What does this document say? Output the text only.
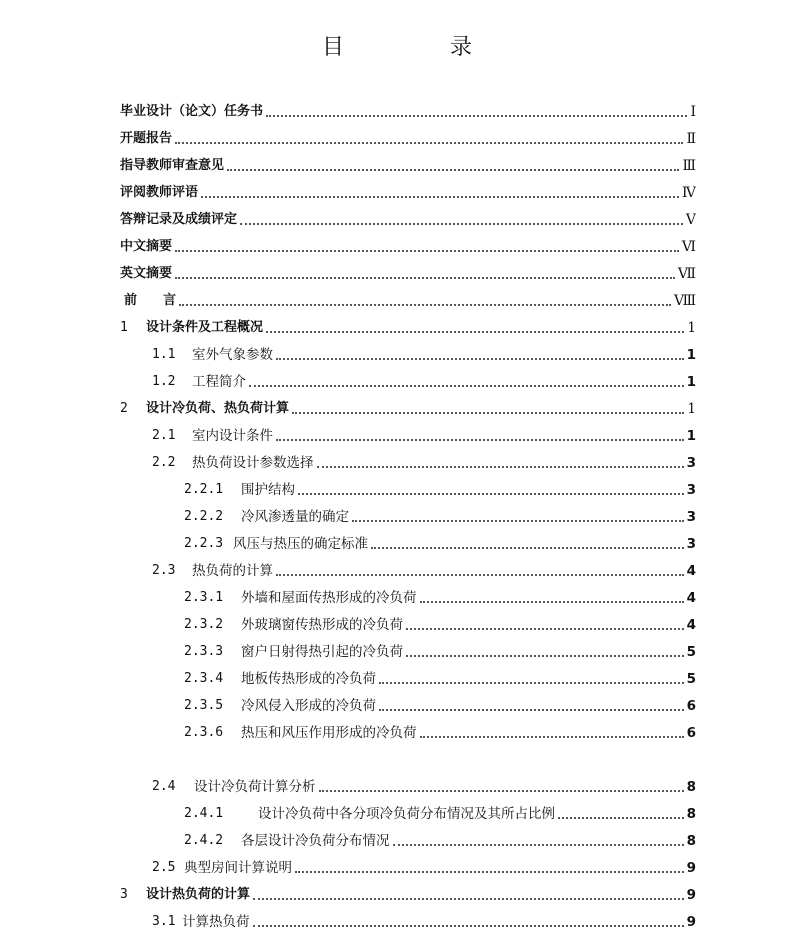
目　录
毕业设计（论文）任务书	Ⅰ
开题报告	Ⅱ
指导教师审查意见	Ⅲ
评阅教师评语	Ⅳ
答辩记录及成绩评定	Ⅴ
中文摘要	Ⅵ
英文摘要	Ⅶ
前　　言	Ⅷ
1	设计条件及工程概况	1
1.1	室外气象参数	1
1.2	工程简介	1
2	设计冷负荷、热负荷计算	1
2.1	室内设计条件	1
2.2	热负荷设计参数选择	3
2.2.1	围护结构	3
2.2.2	冷风渗透量的确定	3
2.2.3 风压与热压的确定标准	3
2.3	热负荷的计算	4
2.3.1	外墙和屋面传热形成的冷负荷	4
2.3.2	外玻璃窗传热形成的冷负荷	4
2.3.3	窗户日射得热引起的冷负荷	5
2.3.4	地板传热形成的冷负荷	5
2.3.5	冷风侵入形成的冷负荷	6
2.3.6	热压和风压作用形成的冷负荷	6
2.4	设计冷负荷计算分析	8
2.4.1	设计冷负荷中各分项冷负荷分布情况及其所占比例	8
2.4.2	各层设计冷负荷分布情况	8
2.5 典型房间计算说明	9
3	设计热负荷的计算	9
3.1 计算热负荷	9
